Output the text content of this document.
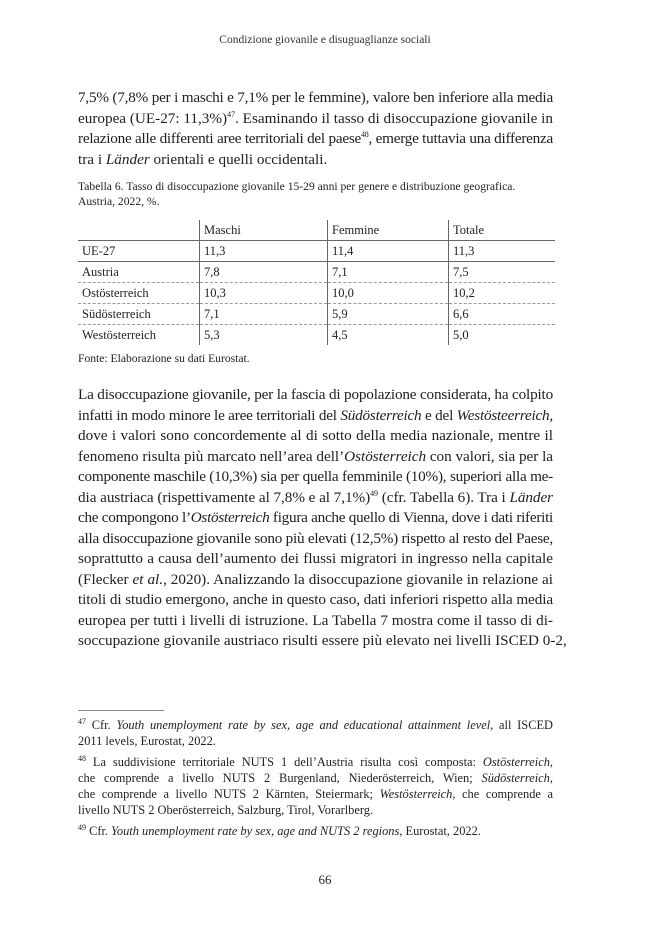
Condizione giovanile e disuguaglianze sociali
7,5% (7,8% per i maschi e 7,1% per le femmine), valore ben inferiore alla media
europea (UE-27: 11,3%)$^{47}$. Esaminando il tasso di disoccupazione giovanile in
relazione alle differenti aree territoriali del paese$^{48}$, emerge tuttavia una differenza
tra i Länder orientali e quelli occidentali.
Tabella 6. Tasso di disoccupazione giovanile 15-29 anni per genere e distribuzione geografica.
Austria, 2022, %.
	Maschi	Femmine	Totale
UE-27	11,3	11,4	11,3
Austria	7,8	7,1	7,5
Ostösterreich	10,3	10,0	10,2
Südösterreich	7,1	5,9	6,6
Westösterreich	5,3	4,5	5,0
Fonte: Elaborazione su dati Eurostat.
La disoccupazione giovanile, per la fascia di popolazione considerata, ha colpito
infatti in modo minore le aree territoriali del Südösterreich e del Westösteerreich,
dove i valori sono concordemente al di sotto della media nazionale, mentre il
fenomeno risulta più marcato nell’area dell’Ostösterreich con valori, sia per la
componente maschile (10,3%) sia per quella femminile (10%), superiori alla me-
dia austriaca (rispettivamente al 7,8% e al 7,1%)$^{49}$ (cfr. Tabella 6). Tra i Länder
che compongono l’Ostösterreich figura anche quello di Vienna, dove i dati riferiti
alla disoccupazione giovanile sono più elevati (12,5%) rispetto al resto del Paese,
soprattutto a causa dell’aumento dei flussi migratori in ingresso nella capitale
(Flecker et al., 2020). Analizzando la disoccupazione giovanile in relazione ai
titoli di studio emergono, anche in questo caso, dati inferiori rispetto alla media
europea per tutti i livelli di istruzione. La Tabella 7 mostra come il tasso di di-
soccupazione giovanile austriaco risulti essere più elevato nei livelli ISCED 0-2,
$^{47}$ Cfr. Youth unemployment rate by sex, age and educational attainment level, all ISCED
2011 levels, Eurostat, 2022.
$^{48}$ La suddivisione territoriale NUTS 1 dell’Austria risulta così composta: Ostösterreich,
che comprende a livello NUTS 2 Burgenland, Niederösterreich, Wien; Südösterreich,
che comprende a livello NUTS 2 Kärnten, Steiermark; Westösterreich, che comprende a
livello NUTS 2 Oberösterreich, Salzburg, Tirol, Vorarlberg.
$^{49}$ Cfr. Youth unemployment rate by sex, age and NUTS 2 regions, Eurostat, 2022.
66
